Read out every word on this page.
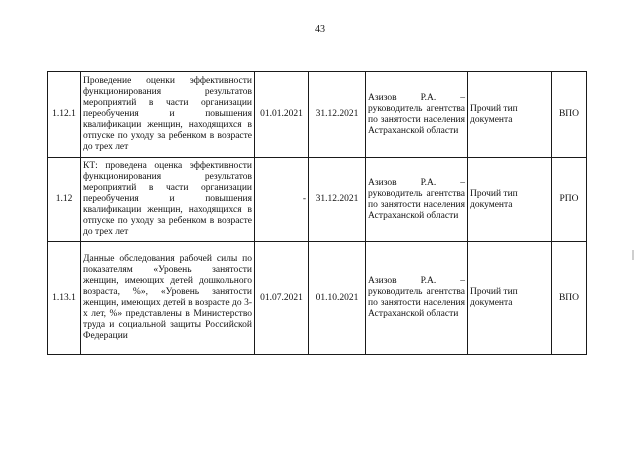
43
1.12.1	Проведение оценки эффективности функционирования результатов мероприятий в части организации переобучения и повышения квалификации женщин, находящихся в отпуске по уходу за ребенком в возрасте до трех лет	01.01.2021	31.12.2021	Азизов Р.А. – руководитель агентства по занятости населения Астраханской области	Прочий тип документа	ВПО
1.12	КТ: проведена оценка эффективности функционирования результатов мероприятий в части организации переобучения и повышения квалификации женщин, находящихся в отпуске по уходу за ребенком в возрасте до трех лет	-	31.12.2021	Азизов Р.А. – руководитель агентства по занятости населения Астраханской области	Прочий тип документа	РПО
1.13.1	Данные обследования рабочей силы по показателям «Уровень занятости женщин, имеющих детей дошкольного возраста, %», «Уровень занятости женщин, имеющих детей в возрасте до 3-х лет, %» представлены в Министерство труда и социальной защиты Российской Федерации	01.07.2021	01.10.2021	Азизов Р.А. – руководитель агентства по занятости населения Астраханской области	Прочий тип документа	ВПО
